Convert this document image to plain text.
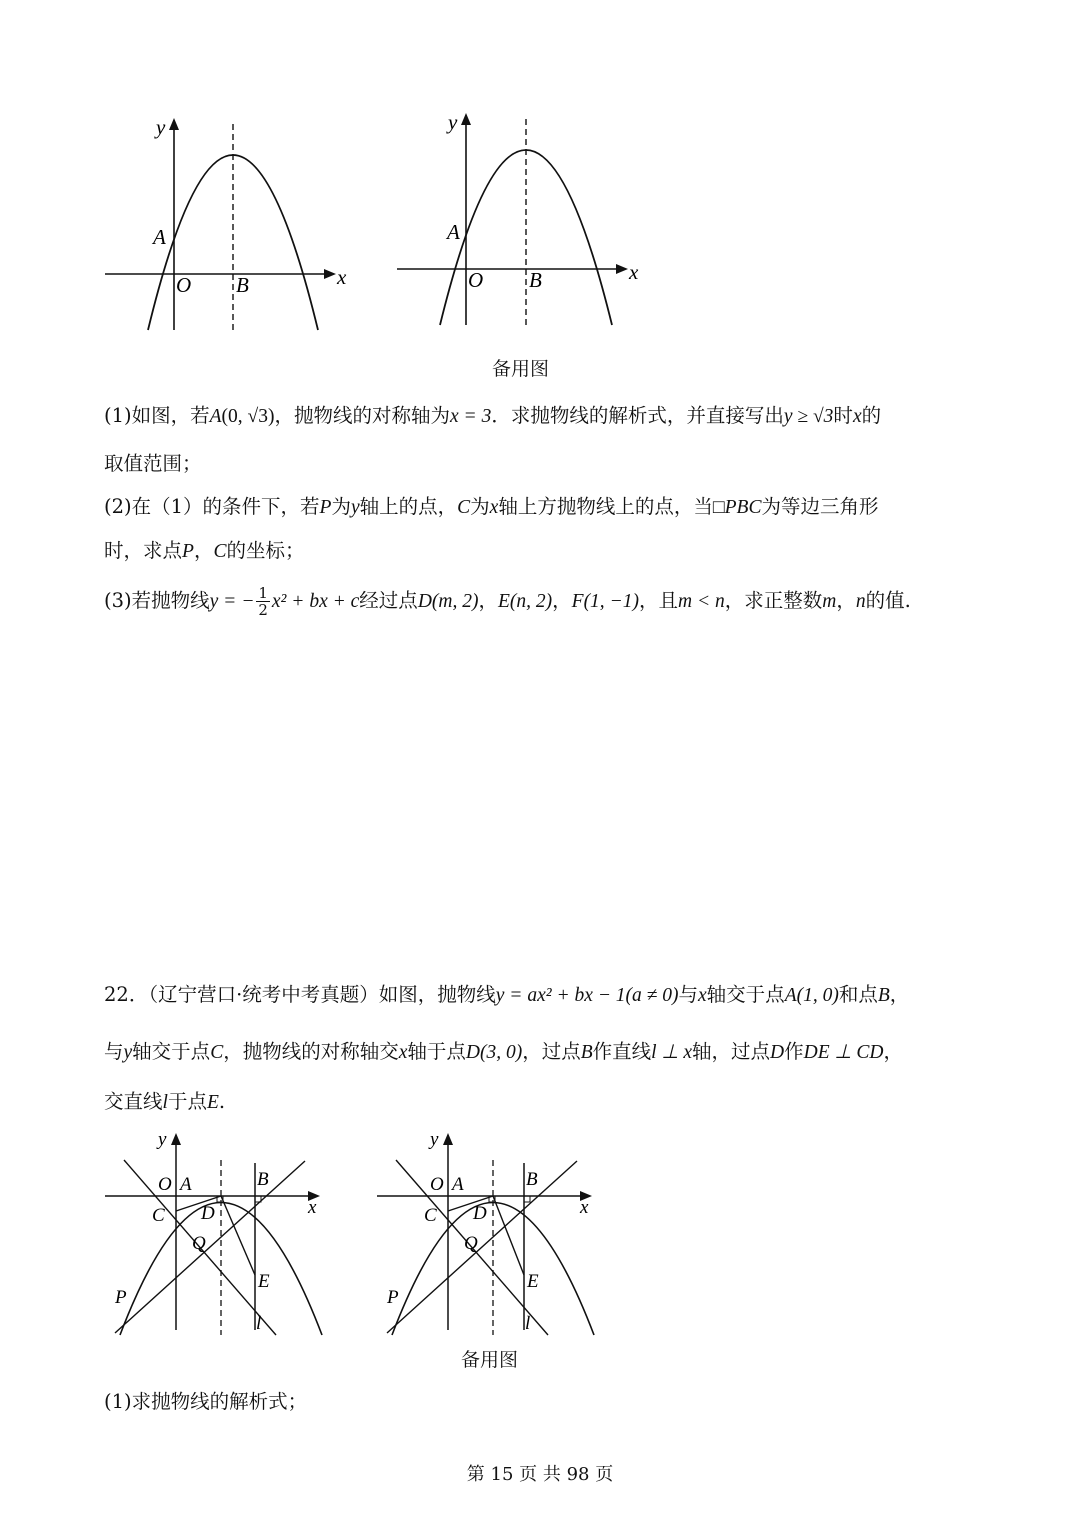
x
y
A
O B
x
y
A
O B
备用图
(1)如图，若A(0, √3)，抛物线的对称轴为x = 3．求抛物线的解析式，并直接写出y ≥ √3时x的
取值范围；
(2)在（1）的条件下，若P为y轴上的点，C为x轴上方抛物线上的点，当□PBC为等边三角形
时，求点P，C的坐标；
(3)若抛物线y = − $\frac{1}{2} x^2$ + bx + c经过点D(m, 2)，E(n, 2)，F(1, −1)，且m < n，求正整数m，n的值.
22．（辽宁营口·统考中考真题）如图，抛物线y = ax² + bx − 1(a ≠ 0)与x轴交于点A(1, 0)和点B，
与y轴交于点C，抛物线的对称轴交x轴于点D(3, 0)，过点B作直线l ⊥ x轴，过点D作DE ⊥ CD，
交直线l于点E.
x
y
O A	B
C D
Q
E
P
l
x
y
O A	B
C D
Q
E
P
l
备用图
(1)求抛物线的解析式；
第 15 页 共 98 页
